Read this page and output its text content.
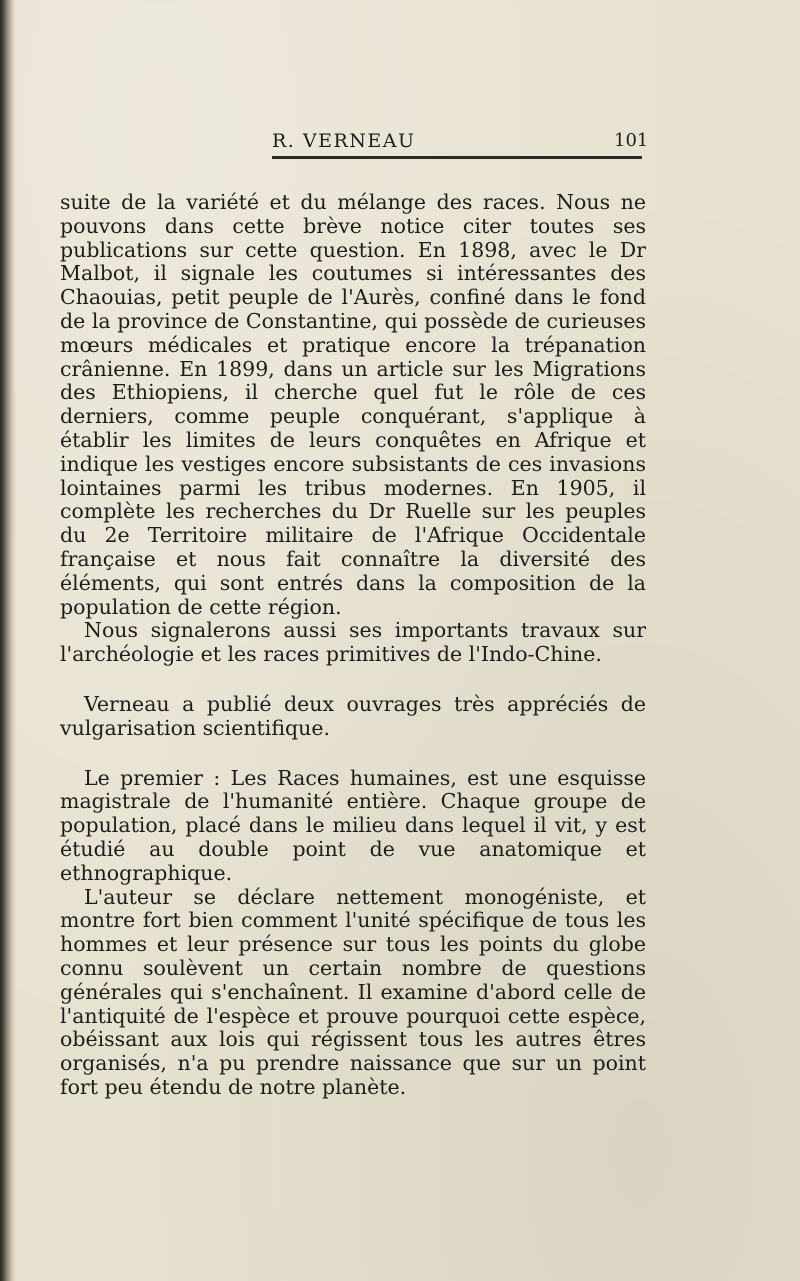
R. VERNEAU	101

suite de la variété et du mélange des races. Nous ne pouvons dans cette brève notice citer toutes ses publications sur cette question. En 1898, avec le Dr Malbot, il signale les coutumes si intéressantes des Chaouias, petit peuple de l'Aurès, confiné dans le fond de la province de Constantine, qui possède de curieuses mœurs médicales et pratique encore la trépanation crânienne. En 1899, dans un article sur les Migrations des Ethiopiens, il cherche quel fut le rôle de ces derniers, comme peuple conquérant, s'applique à établir les limites de leurs conquêtes en Afrique et indique les vestiges encore subsistants de ces invasions lointaines parmi les tribus modernes. En 1905, il complète les recherches du Dr Ruelle sur les peuples du 2e Territoire militaire de l'Afrique Occidentale française et nous fait connaître la diversité des éléments, qui sont entrés dans la composition de la population de cette région.

Nous signalerons aussi ses importants travaux sur l'archéologie et les races primitives de l'Indo-Chine.

Verneau a publié deux ouvrages très appréciés de vulgarisation scientifique.

Le premier : Les Races humaines, est une esquisse magistrale de l'humanité entière. Chaque groupe de population, placé dans le milieu dans lequel il vit, y est étudié au double point de vue anatomique et ethnographique.

L'auteur se déclare nettement monogéniste, et montre fort bien comment l'unité spécifique de tous les hommes et leur présence sur tous les points du globe connu soulèvent un certain nombre de questions générales qui s'enchaînent. Il examine d'abord celle de l'antiquité de l'espèce et prouve pourquoi cette espèce, obéissant aux lois qui régissent tous les autres êtres organisés, n'a pu prendre naissance que sur un point fort peu étendu de notre planète.
